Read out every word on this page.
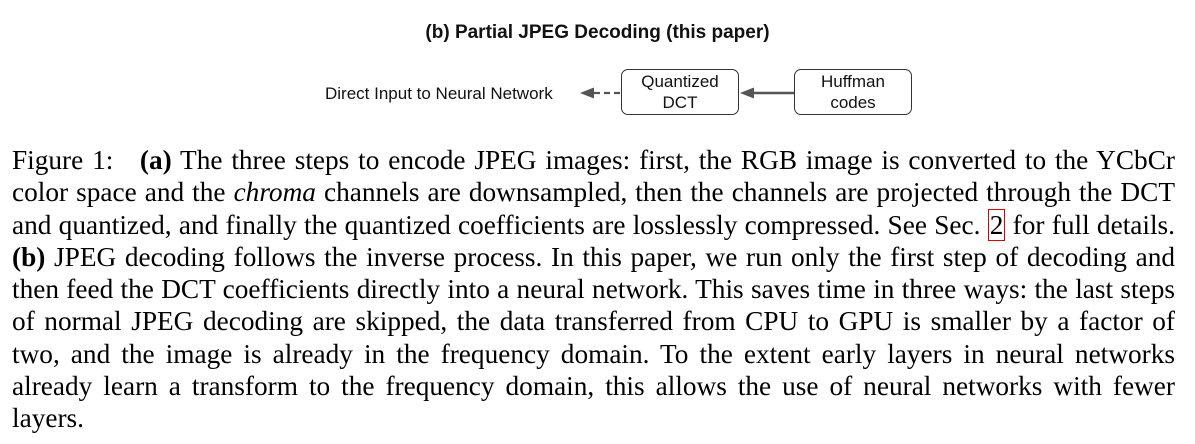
(b) Partial JPEG Decoding (this paper)
Direct Input to Neural Network
Quantized
DCT
Huffman
codes

Figure 1: (a) The three steps to encode JPEG images: first, the RGB image is converted to the YCbCr color space and the chroma channels are downsampled, then the channels are projected through the DCT and quantized, and finally the quantized coefficients are losslessly compressed. See Sec. 2 for full details. (b) JPEG decoding follows the inverse process. In this paper, we run only the first step of decoding and then feed the DCT coefficients directly into a neural network. This saves time in three ways: the last steps of normal JPEG decoding are skipped, the data transferred from CPU to GPU is smaller by a factor of two, and the image is already in the frequency domain. To the extent early layers in neural networks already learn a transform to the frequency domain, this allows the use of neural networks with fewer layers.
